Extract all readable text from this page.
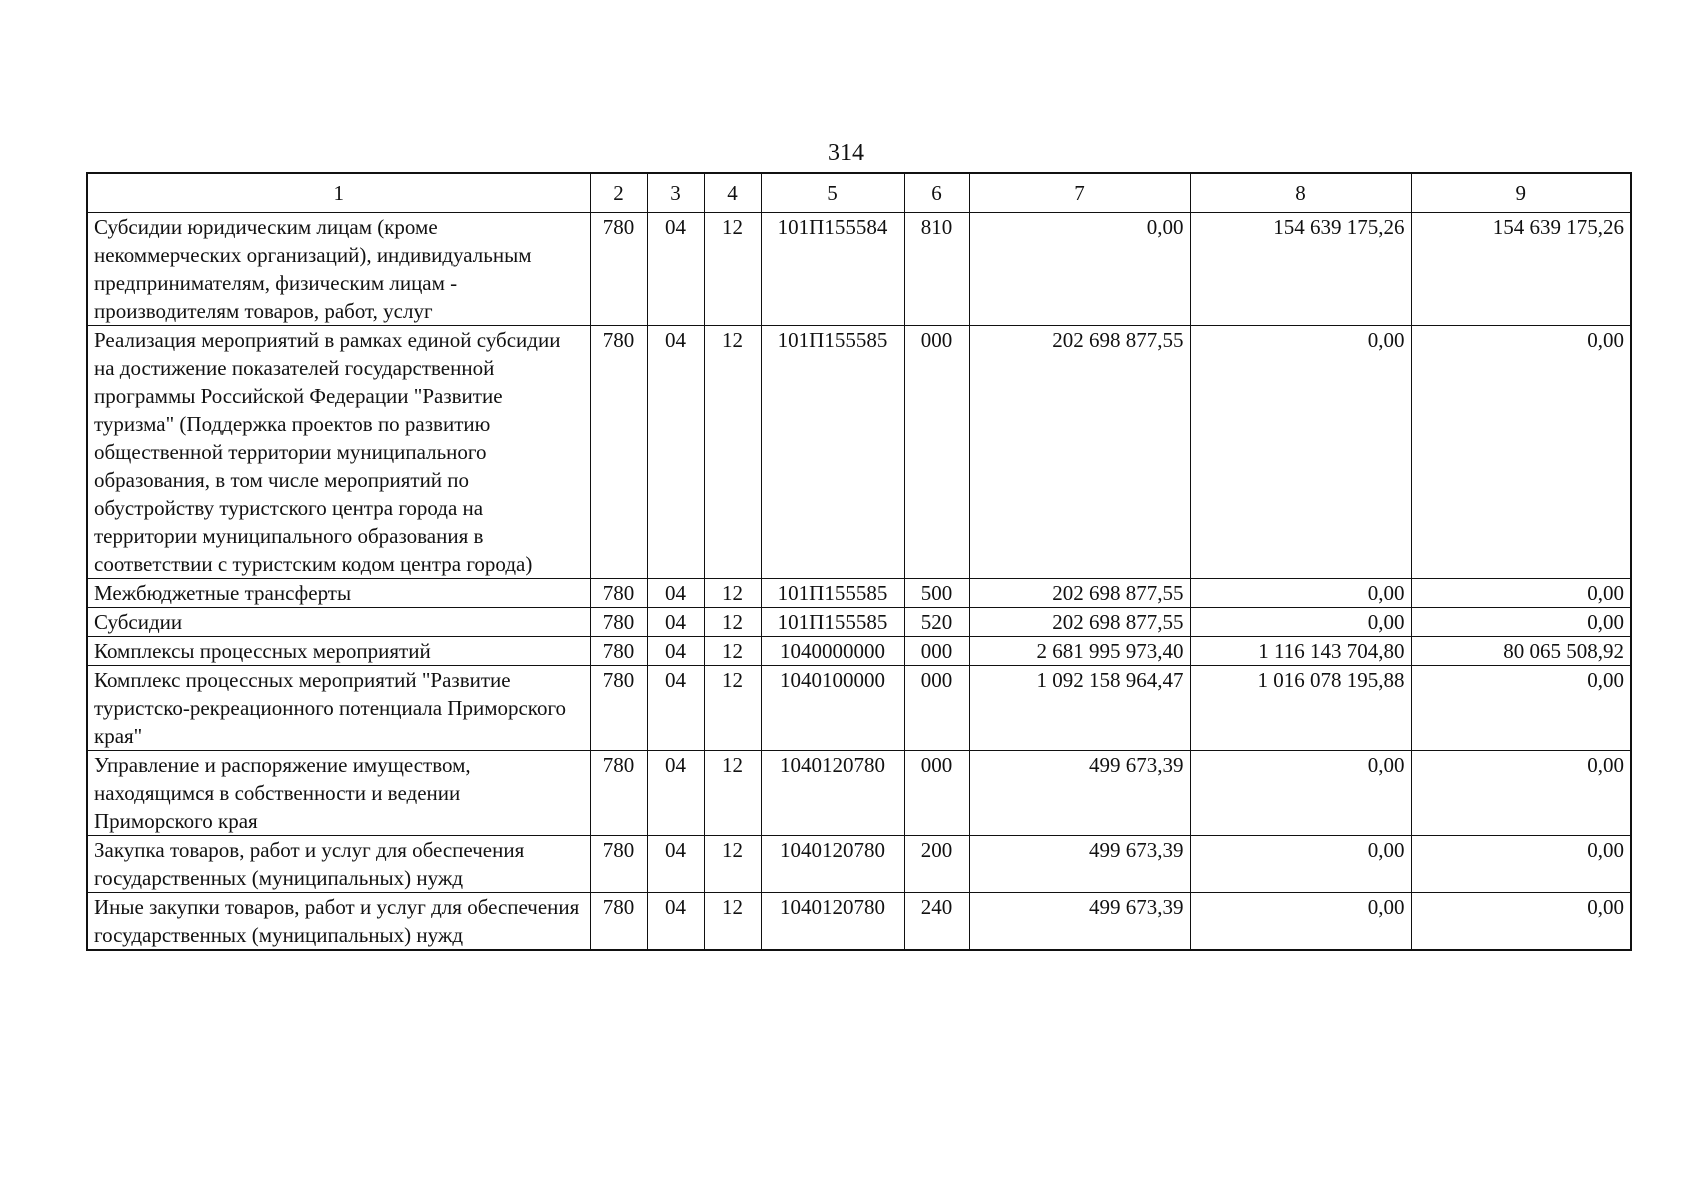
314
1	2	3	4	5	6	7	8	9
Субсидии юридическим лицам (кроме некоммерческих организаций), индивидуальным предпринимателям, физическим лицам - производителям товаров, работ, услуг	780	04	12	101П155584	810	0,00	154 639 175,26	154 639 175,26
Реализация мероприятий в рамках единой субсидии на достижение показателей государственной программы Российской Федерации "Развитие туризма" (Поддержка проектов по развитию общественной территории муниципального образования, в том числе мероприятий по обустройству туристского центра города на территории муниципального образования в соответствии с туристским кодом центра города)	780	04	12	101П155585	000	202 698 877,55	0,00	0,00
Межбюджетные трансферты	780	04	12	101П155585	500	202 698 877,55	0,00	0,00
Субсидии	780	04	12	101П155585	520	202 698 877,55	0,00	0,00
Комплексы процессных мероприятий	780	04	12	1040000000	000	2 681 995 973,40	1 116 143 704,80	80 065 508,92
Комплекс процессных мероприятий "Развитие туристско-рекреационного потенциала Приморского края"	780	04	12	1040100000	000	1 092 158 964,47	1 016 078 195,88	0,00
Управление и распоряжение имуществом, находящимся в собственности и ведении Приморского края	780	04	12	1040120780	000	499 673,39	0,00	0,00
Закупка товаров, работ и услуг для обеспечения государственных (муниципальных) нужд	780	04	12	1040120780	200	499 673,39	0,00	0,00
Иные закупки товаров, работ и услуг для обеспечения государственных (муниципальных) нужд	780	04	12	1040120780	240	499 673,39	0,00	0,00
